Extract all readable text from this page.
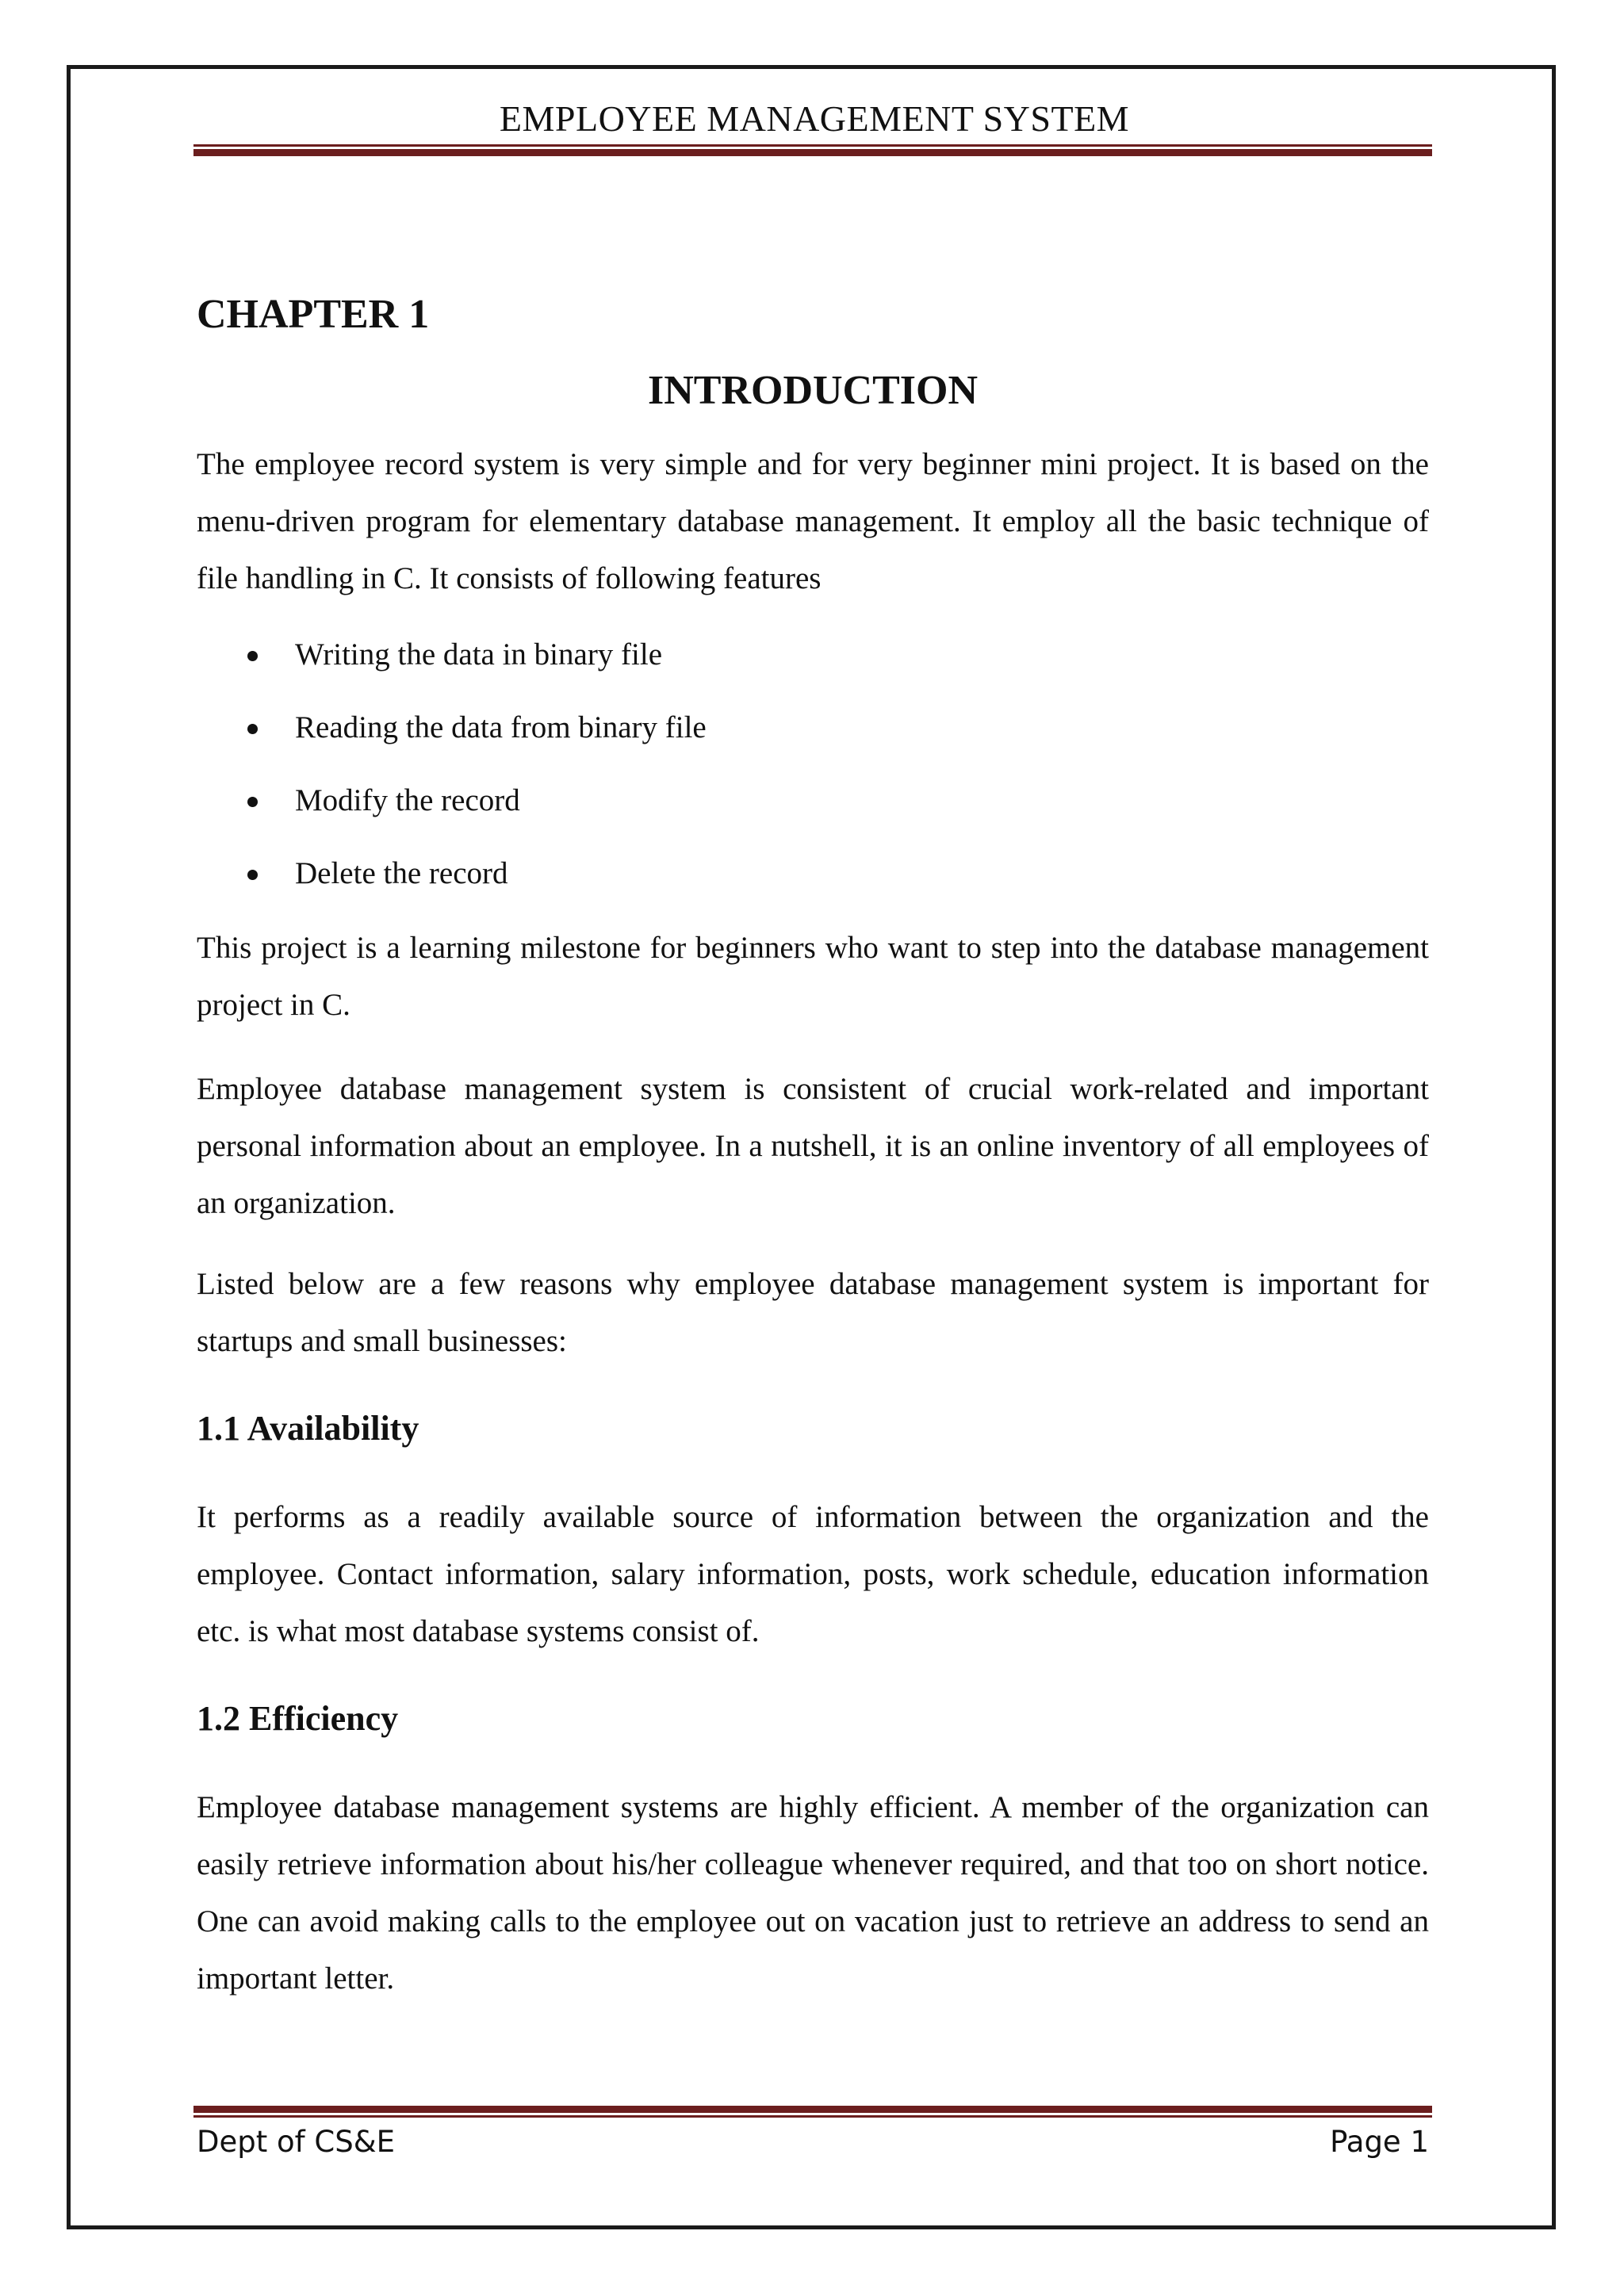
EMPLOYEE MANAGEMENT SYSTEM
CHAPTER 1
INTRODUCTION

The employee record system is very simple and for very beginner mini project. It is based on the menu-driven program for elementary database management. It employ all the basic technique of file handling in C. It consists of following features

Writing the data in binary file
Reading the data from binary file
Modify the record
Delete the record

This project is a learning milestone for beginners who want to step into the database management project in C.

Employee database management system is consistent of crucial work-related and important personal information about an employee. In a nutshell, it is an online inventory of all employees of an organization.

Listed below are a few reasons why employee database management system is important for startups and small businesses:

1.1 Availability

It performs as a readily available source of information between the organization and the employee. Contact information, salary information, posts, work schedule, education information etc. is what most database systems consist of.

1.2 Efficiency

Employee database management systems are highly efficient. A member of the organization can easily retrieve information about his/her colleague whenever required, and that too on short notice. One can avoid making calls to the employee out on vacation just to retrieve an address to send an important letter.

Dept of CS&E	Page 1
